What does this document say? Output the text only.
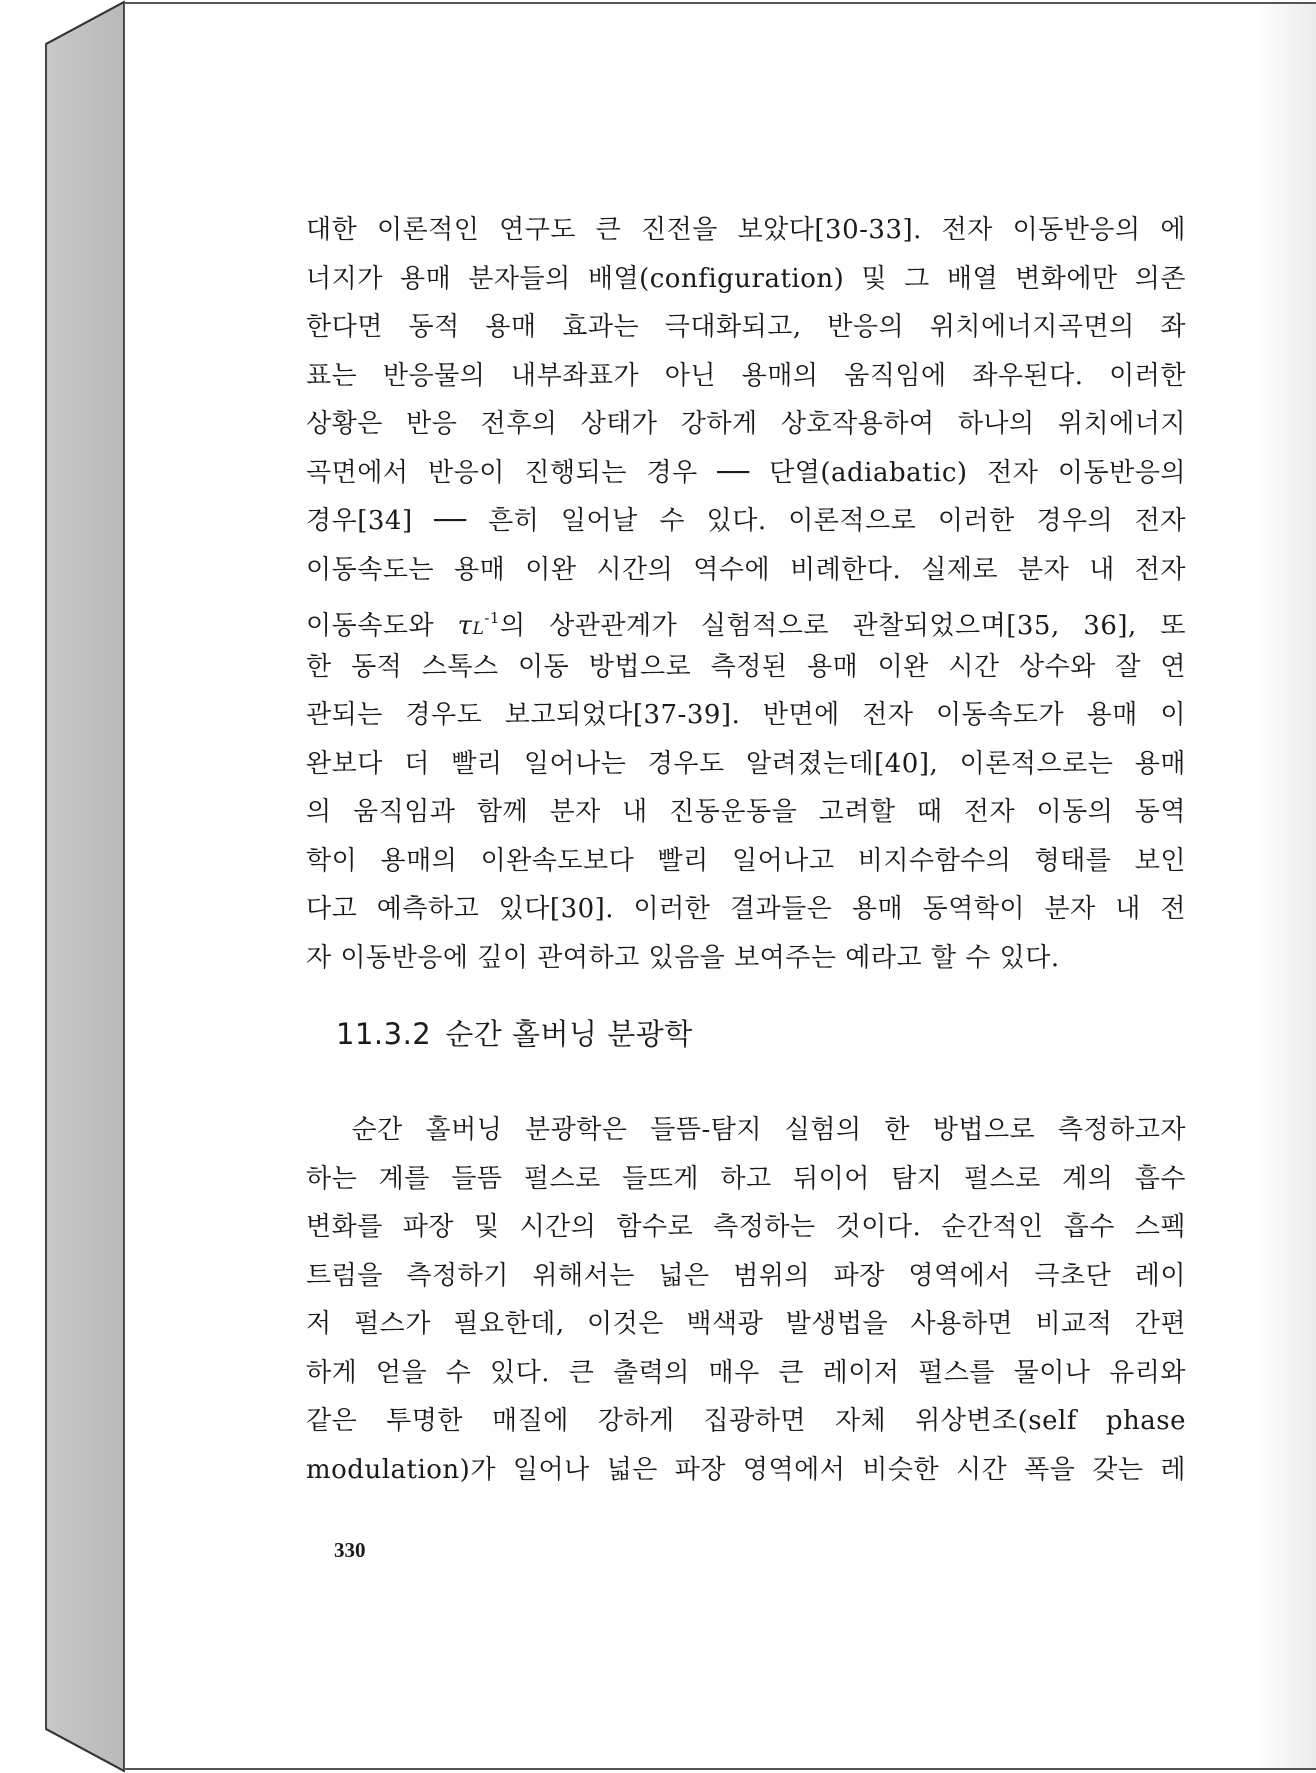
대한 이론적인 연구도 큰 진전을 보았다[30-33]. 전자 이동반응의 에
너지가 용매 분자들의 배열(configuration) 및 그 배열 변화에만 의존
한다면 동적 용매 효과는 극대화되고, 반응의 위치에너지곡면의 좌
표는 반응물의 내부좌표가 아닌 용매의 움직임에 좌우된다. 이러한
상황은 반응 전후의 상태가 강하게 상호작용하여 하나의 위치에너지
곡면에서 반응이 진행되는 경우 ── 단열(adiabatic) 전자 이동반응의
경우[34] ── 흔히 일어날 수 있다. 이론적으로 이러한 경우의 전자
이동속도는 용매 이완 시간의 역수에 비례한다. 실제로 분자 내 전자
이동속도와 $\tau L^{-1}$의 상관관계가 실험적으로 관찰되었으며[35, 36], 또
한 동적 스톡스 이동 방법으로 측정된 용매 이완 시간 상수와 잘 연
관되는 경우도 보고되었다[37-39]. 반면에 전자 이동속도가 용매 이
완보다 더 빨리 일어나는 경우도 알려졌는데[40], 이론적으로는 용매
의 움직임과 함께 분자 내 진동운동을 고려할 때 전자 이동의 동역
학이 용매의 이완속도보다 빨리 일어나고 비지수함수의 형태를 보인
다고 예측하고 있다[30]. 이러한 결과들은 용매 동역학이 분자 내 전
자 이동반응에 깊이 관여하고 있음을 보여주는 예라고 할 수 있다.
11.3.2 순간 홀버닝 분광학
순간 홀버닝 분광학은 들뜸-탐지 실험의 한 방법으로 측정하고자
하는 계를 들뜸 펄스로 들뜨게 하고 뒤이어 탐지 펄스로 계의 흡수
변화를 파장 및 시간의 함수로 측정하는 것이다. 순간적인 흡수 스펙
트럼을 측정하기 위해서는 넓은 범위의 파장 영역에서 극초단 레이
저 펄스가 필요한데, 이것은 백색광 발생법을 사용하면 비교적 간편
하게 얻을 수 있다. 큰 출력의 매우 큰 레이저 펄스를 물이나 유리와
같은 투명한 매질에 강하게 집광하면 자체 위상변조(self phase
modulation)가 일어나 넓은 파장 영역에서 비슷한 시간 폭을 갖는 레
330
